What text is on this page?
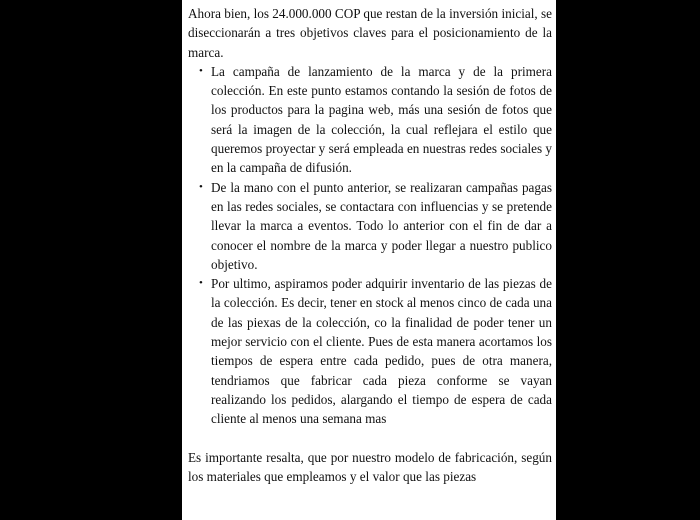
Ahora bien, los 24.000.000 COP que restan de la inversión inicial, se diseccionarán a tres objetivos claves para el posicionamiento de la marca.

• La campaña de lanzamiento de la marca y de la primera colección. En este punto estamos contando la sesión de fotos de los productos para la pagina web, más una sesión de fotos que será la imagen de la colección, la cual reflejara el estilo que queremos proyectar y será empleada en nuestras redes sociales y en la campaña de difusión.
• De la mano con el punto anterior, se realizaran campañas pagas en las redes sociales, se contactara con influencias y se pretende llevar la marca a eventos. Todo lo anterior con el fin de dar a conocer el nombre de la marca y poder llegar a nuestro publico objetivo.
• Por ultimo, aspiramos poder adquirir inventario de las piezas de la colección. Es decir, tener en stock al menos cinco de cada una de las piexas de la colección, co la finalidad de poder tener un mejor servicio con el cliente. Pues de esta manera acortamos los tiempos de espera entre cada pedido, pues de otra manera, tendriamos que fabricar cada pieza conforme se vayan realizando los pedidos, alargando el tiempo de espera de cada cliente al menos una semana mas

Es importante resalta, que por nuestro modelo de fabricación, según los materiales que empleamos y el valor que las piezas
